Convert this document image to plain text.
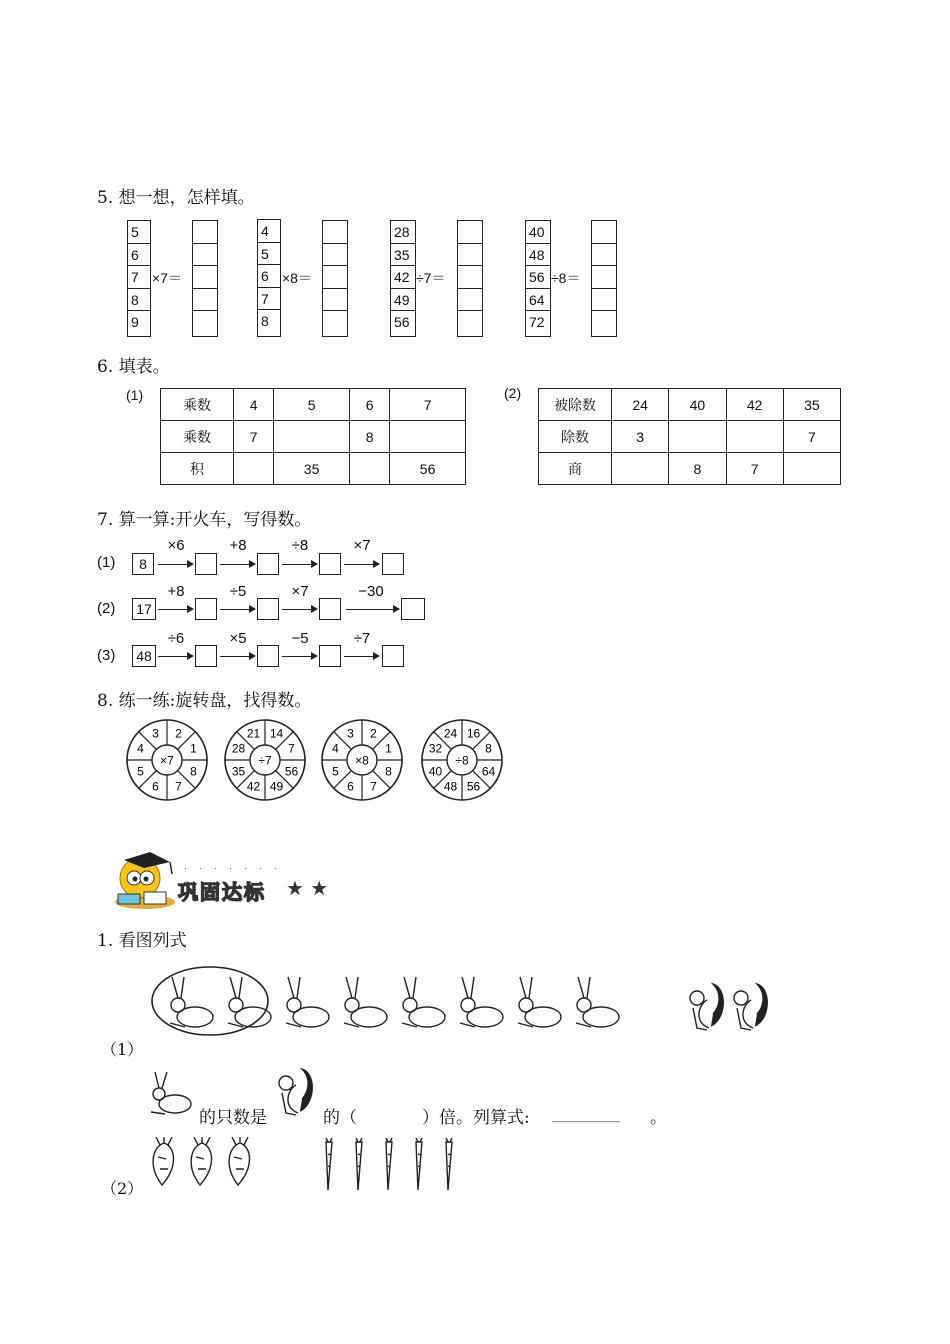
5. 想一想，怎样填。
5
6
7
8
9
×7＝
4
5
6
7
8
×8＝
28
35
42
49
56
÷7＝
40
48
56
64
72
÷8＝
6. 填表。
(1)
乘数	4	5	6	7
乘数	7		8	
积		35		56
(2)
被除数	24	40	42	35
除数	3			7
商		8	7	
7. 算一算:开火车，写得数。
(1)	8
×6	+8	÷8	×7
(2)	17
+8	÷5	×7	−30
(3)	48
÷6	×5	−5	÷7
8. 练一练:旋转盘，找得数。
×7
2
1
8
7
6
5
4
3
÷7
14
7
56
49
42
35
28
21
×8
2
1
8
7
6
5
4
3
÷8
16
8
64
56
48
40
32
24
·······
巩固达标 ★ ★
1. 看图列式
（1）
的只数是	的（	）倍。列算式: ________ 。
（2）
